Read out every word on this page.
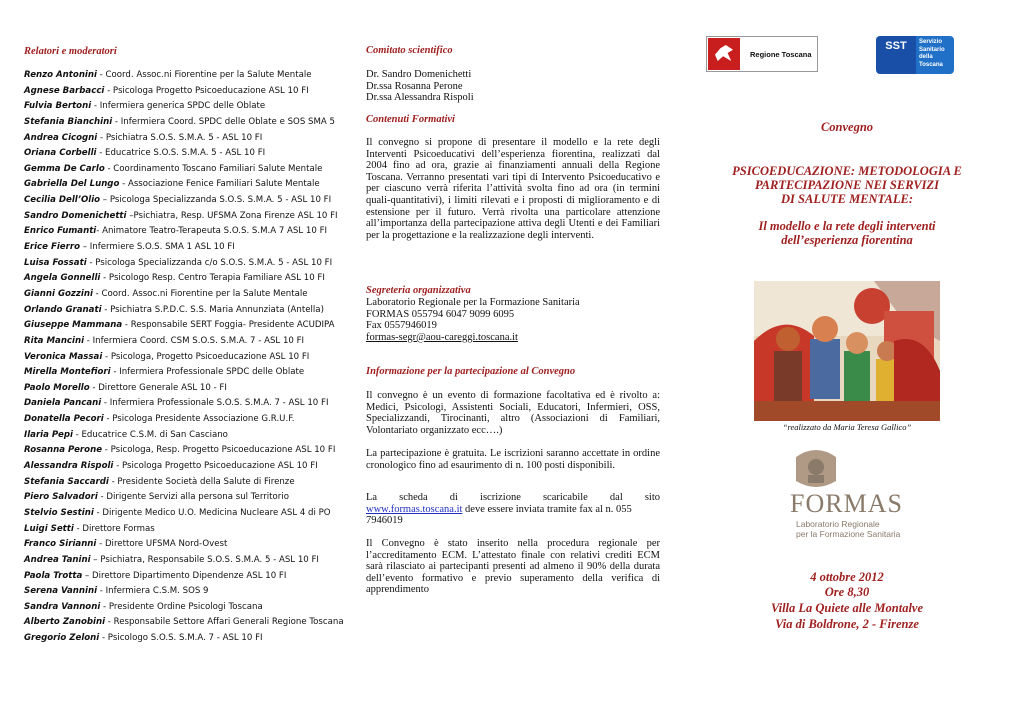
Relatori e moderatori
Renzo Antonini - Coord. Assoc.ni Fiorentine per la Salute Mentale
Agnese Barbacci - Psicologa Progetto Psicoeducazione ASL 10 FI
Fulvia Bertoni - Infermiera generica SPDC delle Oblate
Stefania Bianchini - Infermiera Coord. SPDC delle Oblate e SOS SMA 5
Andrea Cicogni - Psichiatra S.O.S. S.M.A. 5 - ASL 10 FI
Oriana Corbelli - Educatrice S.O.S. S.M.A. 5 - ASL 10 FI
Gemma De Carlo - Coordinamento Toscano Familiari Salute Mentale
Gabriella Del Lungo - Associazione Fenice Familiari Salute Mentale
Cecilia Dell’Olio – Psicologa Specializzanda S.O.S. S.M.A. 5 - ASL 10 FI
Sandro Domenichetti –Psichiatra, Resp. UFSMA Zona Firenze ASL 10 FI
Enrico Fumanti- Animatore Teatro-Terapeuta S.O.S. S.M.A 7 ASL 10 FI
Erice Fierro – Infermiere S.O.S. SMA 1 ASL 10 FI
Luisa Fossati - Psicologa Specializzanda c/o S.O.S. S.M.A. 5 - ASL 10 FI
Angela Gonnelli - Psicologo Resp. Centro Terapia Familiare ASL 10 FI
Gianni Gozzini - Coord. Assoc.ni Fiorentine per la Salute Mentale
Orlando Granati - Psichiatra S.P.D.C. S.S. Maria Annunziata (Antella)
Giuseppe Mammana - Responsabile SERT Foggia- Presidente ACUDIPA
Rita Mancini - Infermiera Coord. CSM S.O.S. S.M.A. 7 - ASL 10 FI
Veronica Massai - Psicologa, Progetto Psicoeducazione ASL 10 FI
Mirella Montefiori - Infermiera Professionale SPDC delle Oblate
Paolo Morello - Direttore Generale ASL 10 - FI
Daniela Pancani - Infermiera Professionale S.O.S. S.M.A. 7 - ASL 10 FI
Donatella Pecori - Psicologa Presidente Associazione G.R.U.F.
Ilaria Pepi - Educatrice C.S.M. di San Casciano
Rosanna Perone - Psicologa, Resp. Progetto Psicoeducazione ASL 10 FI
Alessandra Rispoli - Psicologa Progetto Psicoeducazione ASL 10 FI
Stefania Saccardi - Presidente Società della Salute di Firenze
Piero Salvadori - Dirigente Servizi alla persona sul Territorio
Stelvio Sestini - Dirigente Medico U.O. Medicina Nucleare ASL 4 di PO
Luigi Setti - Direttore Formas
Franco Sirianni - Direttore UFSMA Nord-Ovest
Andrea Tanini – Psichiatra, Responsabile S.O.S. S.M.A. 5 - ASL 10 FI
Paola Trotta – Direttore Dipartimento Dipendenze ASL 10 FI
Serena Vannini - Infermiera C.S.M. SOS 9
Sandra Vannoni - Presidente Ordine Psicologi Toscana
Alberto Zanobini - Responsabile Settore Affari Generali Regione Toscana
Gregorio Zeloni - Psicologo S.O.S. S.M.A. 7 - ASL 10 FI
Comitato scientifico
Dr. Sandro Domenichetti
Dr.ssa Rosanna Perone
Dr.ssa Alessandra Rispoli
Contenuti Formativi
Il convegno si propone di presentare il modello e la rete degli Interventi Psicoeducativi dell’esperienza fiorentina, realizzati dal 2004 fino ad ora, grazie ai finanziamenti annuali della Regione Toscana. Verranno presentati vari tipi di Intervento Psicoeducativo e per ciascuno verrà riferita l’attività svolta fino ad ora (in termini quali-quantitativi), i limiti rilevati e i proposti di miglioramento e di estensione per il futuro. Verrà rivolta una particolare attenzione all’importanza della partecipazione attiva degli Utenti e dei Familiari per la progettazione e la realizzazione degli interventi.
Segreteria organizzativa
Laboratorio Regionale per la Formazione Sanitaria
FORMAS 055794 6047 9099 6095
Fax 0557946019
formas-segr@aou-careggi.toscana.it
Informazione per la partecipazione al Convegno
Il convegno è un evento di formazione facoltativa ed è rivolto a: Medici, Psicologi, Assistenti Sociali, Educatori, Infermieri, OSS, Specializzandi, Tirocinanti, altro (Associazioni di Familiari, Volontariato organizzato ecc….)
La partecipazione è gratuita. Le iscrizioni saranno accettate in ordine cronologico fino ad esaurimento di n. 100 posti disponibili.
La scheda di iscrizione scaricabile dal sito
www.formas.toscana.it deve essere inviata tramite fax al n. 055 7946019
Il Convegno è stato inserito nella procedura regionale per l’accreditamento ECM. L’attestato finale con relativi crediti ECM sarà rilasciato ai partecipanti presenti ad almeno il 90% della durata dell’evento formativo e previo superamento della verifica di apprendimento
Regione Toscana
SST	Servizio Sanitario della Toscana
Convegno
PSICOEDUCAZIONE: METODOLOGIA E
PARTECIPAZIONE NEI SERVIZI
DI SALUTE MENTALE:
Il modello e la rete degli interventi
dell’esperienza fiorentina
“realizzato da Maria Teresa Gallico”
FORMAS
Laboratorio Regionale
per la Formazione Sanitaria
4 ottobre 2012
Ore 8,30
Villa La Quiete alle Montalve
Via di Boldrone, 2 - Firenze
